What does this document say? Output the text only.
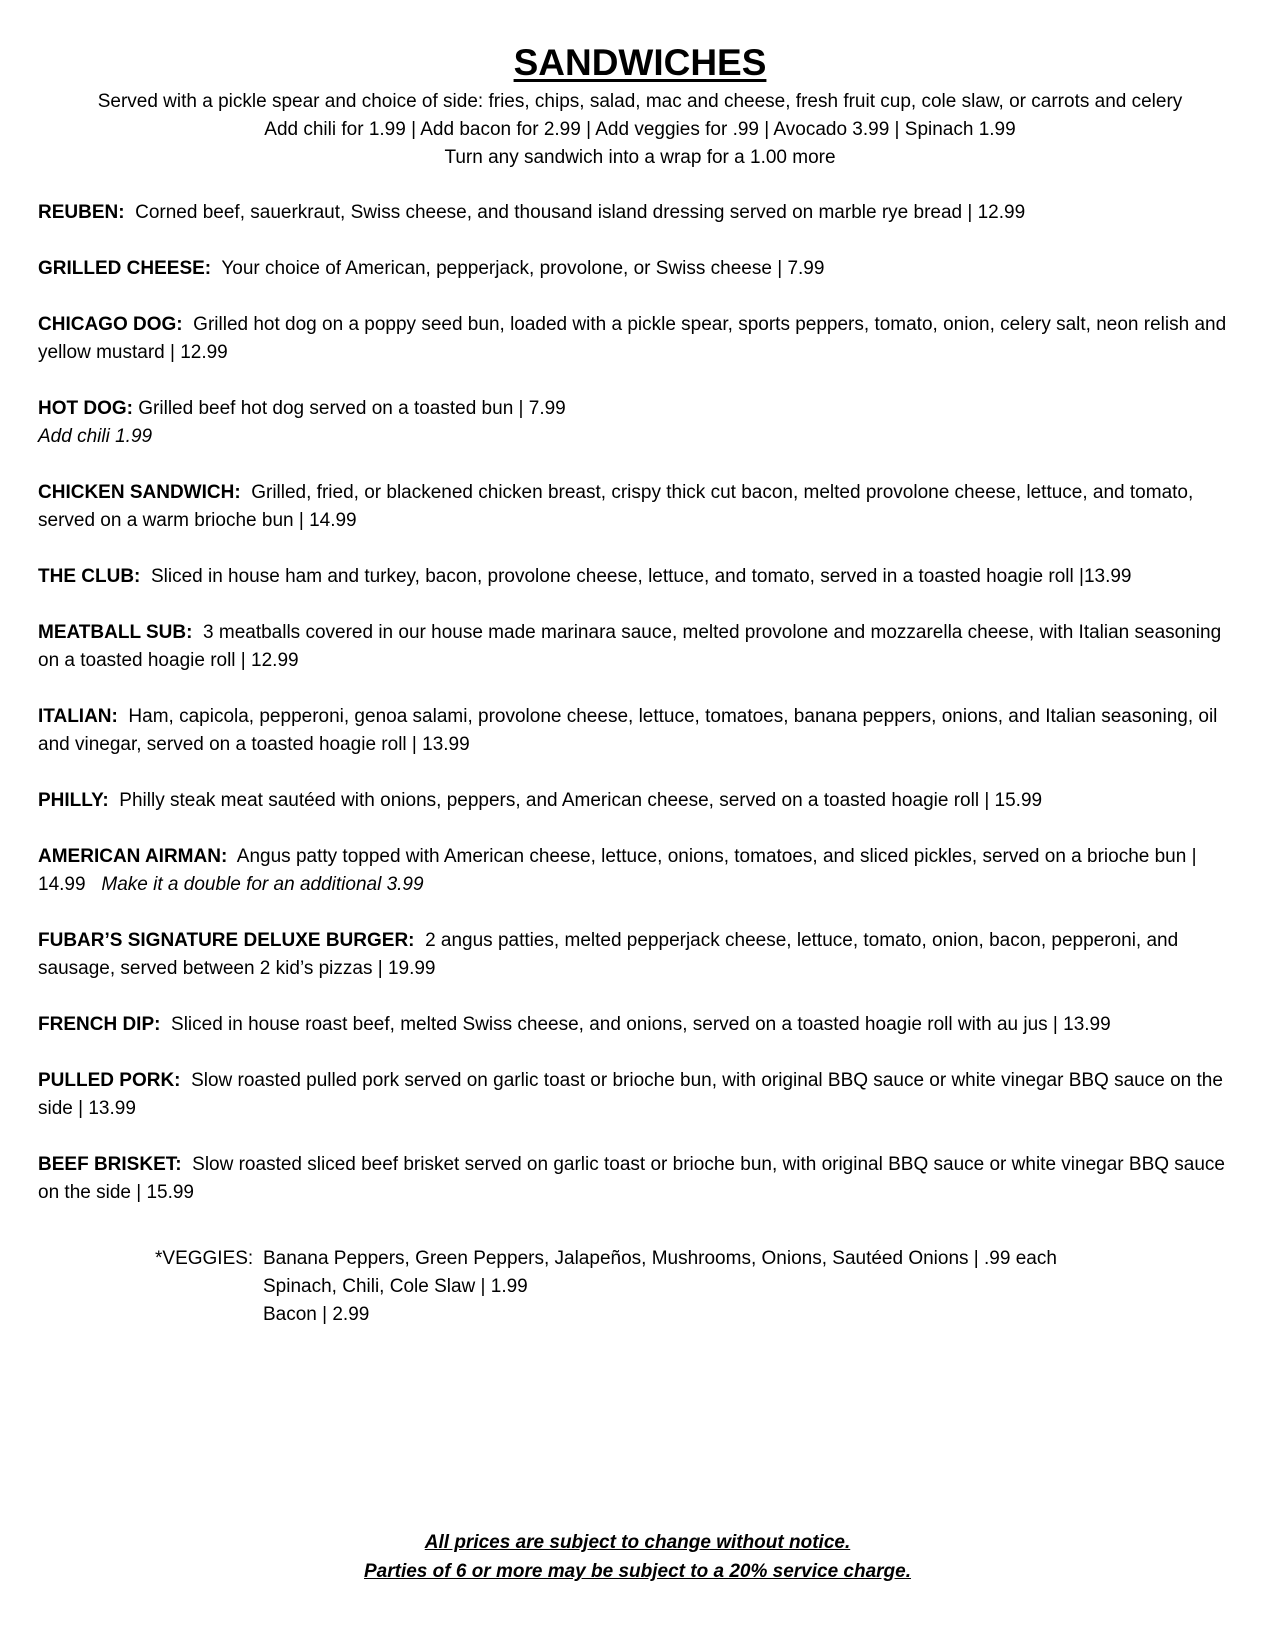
SANDWICHES
Served with a pickle spear and choice of side: fries, chips, salad, mac and cheese, fresh fruit cup, cole slaw, or carrots and celery
Add chili for 1.99 | Add bacon for 2.99 | Add veggies for .99 | Avocado 3.99 | Spinach 1.99
Turn any sandwich into a wrap for a 1.00 more
REUBEN: Corned beef, sauerkraut, Swiss cheese, and thousand island dressing served on marble rye bread | 12.99
GRILLED CHEESE: Your choice of American, pepperjack, provolone, or Swiss cheese | 7.99
CHICAGO DOG: Grilled hot dog on a poppy seed bun, loaded with a pickle spear, sports peppers, tomato, onion, celery salt, neon relish and yellow mustard | 12.99
HOT DOG: Grilled beef hot dog served on a toasted bun | 7.99
Add chili 1.99
CHICKEN SANDWICH: Grilled, fried, or blackened chicken breast, crispy thick cut bacon, melted provolone cheese, lettuce, and tomato, served on a warm brioche bun | 14.99
THE CLUB: Sliced in house ham and turkey, bacon, provolone cheese, lettuce, and tomato, served in a toasted hoagie roll |13.99
MEATBALL SUB: 3 meatballs covered in our house made marinara sauce, melted provolone and mozzarella cheese, with Italian seasoning on a toasted hoagie roll | 12.99
ITALIAN: Ham, capicola, pepperoni, genoa salami, provolone cheese, lettuce, tomatoes, banana peppers, onions, and Italian seasoning, oil and vinegar, served on a toasted hoagie roll | 13.99
PHILLY: Philly steak meat sautéed with onions, peppers, and American cheese, served on a toasted hoagie roll | 15.99
AMERICAN AIRMAN: Angus patty topped with American cheese, lettuce, onions, tomatoes, and sliced pickles, served on a brioche bun | 14.99 Make it a double for an additional 3.99
FUBAR’S SIGNATURE DELUXE BURGER: 2 angus patties, melted pepperjack cheese, lettuce, tomato, onion, bacon, pepperoni, and sausage, served between 2 kid’s pizzas | 19.99
FRENCH DIP: Sliced in house roast beef, melted Swiss cheese, and onions, served on a toasted hoagie roll with au jus | 13.99
PULLED PORK: Slow roasted pulled pork served on garlic toast or brioche bun, with original BBQ sauce or white vinegar BBQ sauce on the side | 13.99
BEEF BRISKET: Slow roasted sliced beef brisket served on garlic toast or brioche bun, with original BBQ sauce or white vinegar BBQ sauce on the side | 15.99
*VEGGIES: Banana Peppers, Green Peppers, Jalapeños, Mushrooms, Onions, Sautéed Onions | .99 each
Spinach, Chili, Cole Slaw | 1.99
Bacon | 2.99
All prices are subject to change without notice.
Parties of 6 or more may be subject to a 20% service charge.
